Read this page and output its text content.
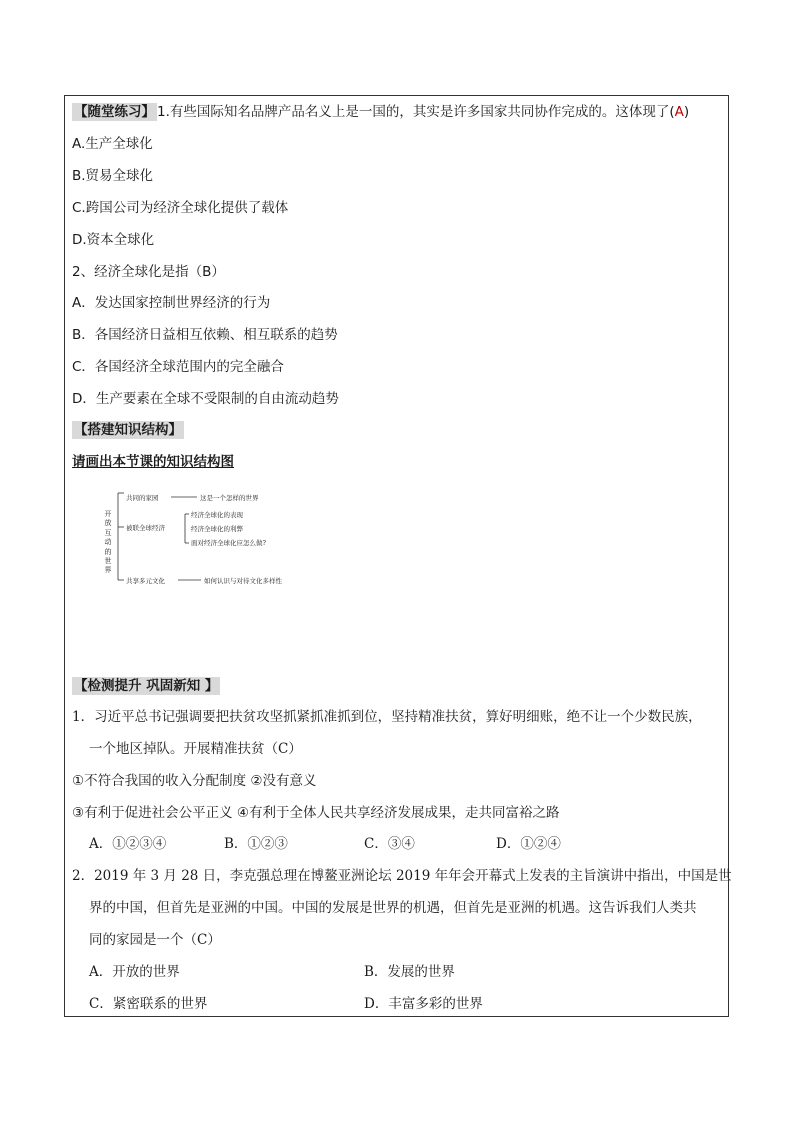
【随堂练习】 1.有些国际知名品牌产品名义上是一国的，其实是许多国家共同协作完成的。这体现了(A)
A.生产全球化
B.贸易全球化
C.跨国公司为经济全球化提供了载体
D.资本全球化
2、经济全球化是指（B）
A．发达国家控制世界经济的行为
B．各国经济日益相互依赖、相互联系的趋势
C．各国经济全球范围内的完全融合
D．生产要素在全球不受限制的自由流动趋势
【搭建知识结构】
请画出本节课的知识结构图
开
放
互
动
的
世
界
共同的家园	这是一个怎样的世界
被联全球经济
经济全球化的表现
经济全球化的利弊
面对经济全球化应怎么做?
共享多元文化	如何认识与对待文化多样性
【检测提升 巩固新知 】
1．习近平总书记强调要把扶贫攻坚抓紧抓准抓到位，坚持精准扶贫，算好明细账，绝不让一个少数民族，
一个地区掉队。开展精准扶贫（C）
①不符合我国的收入分配制度 ②没有意义
③有利于促进社会公平正义 ④有利于全体人民共享经济发展成果，走共同富裕之路
A．①②③④	B．①②③	C．③④	D．①②④
2．2019 年 3 月 28 日，李克强总理在博鳌亚洲论坛 2019 年年会开幕式上发表的主旨演讲中指出，中国是世
界的中国，但首先是亚洲的中国。中国的发展是世界的机遇，但首先是亚洲的机遇。这告诉我们人类共
同的家园是一个（C）
A．开放的世界	B．发展的世界
C．紧密联系的世界	D．丰富多彩的世界
